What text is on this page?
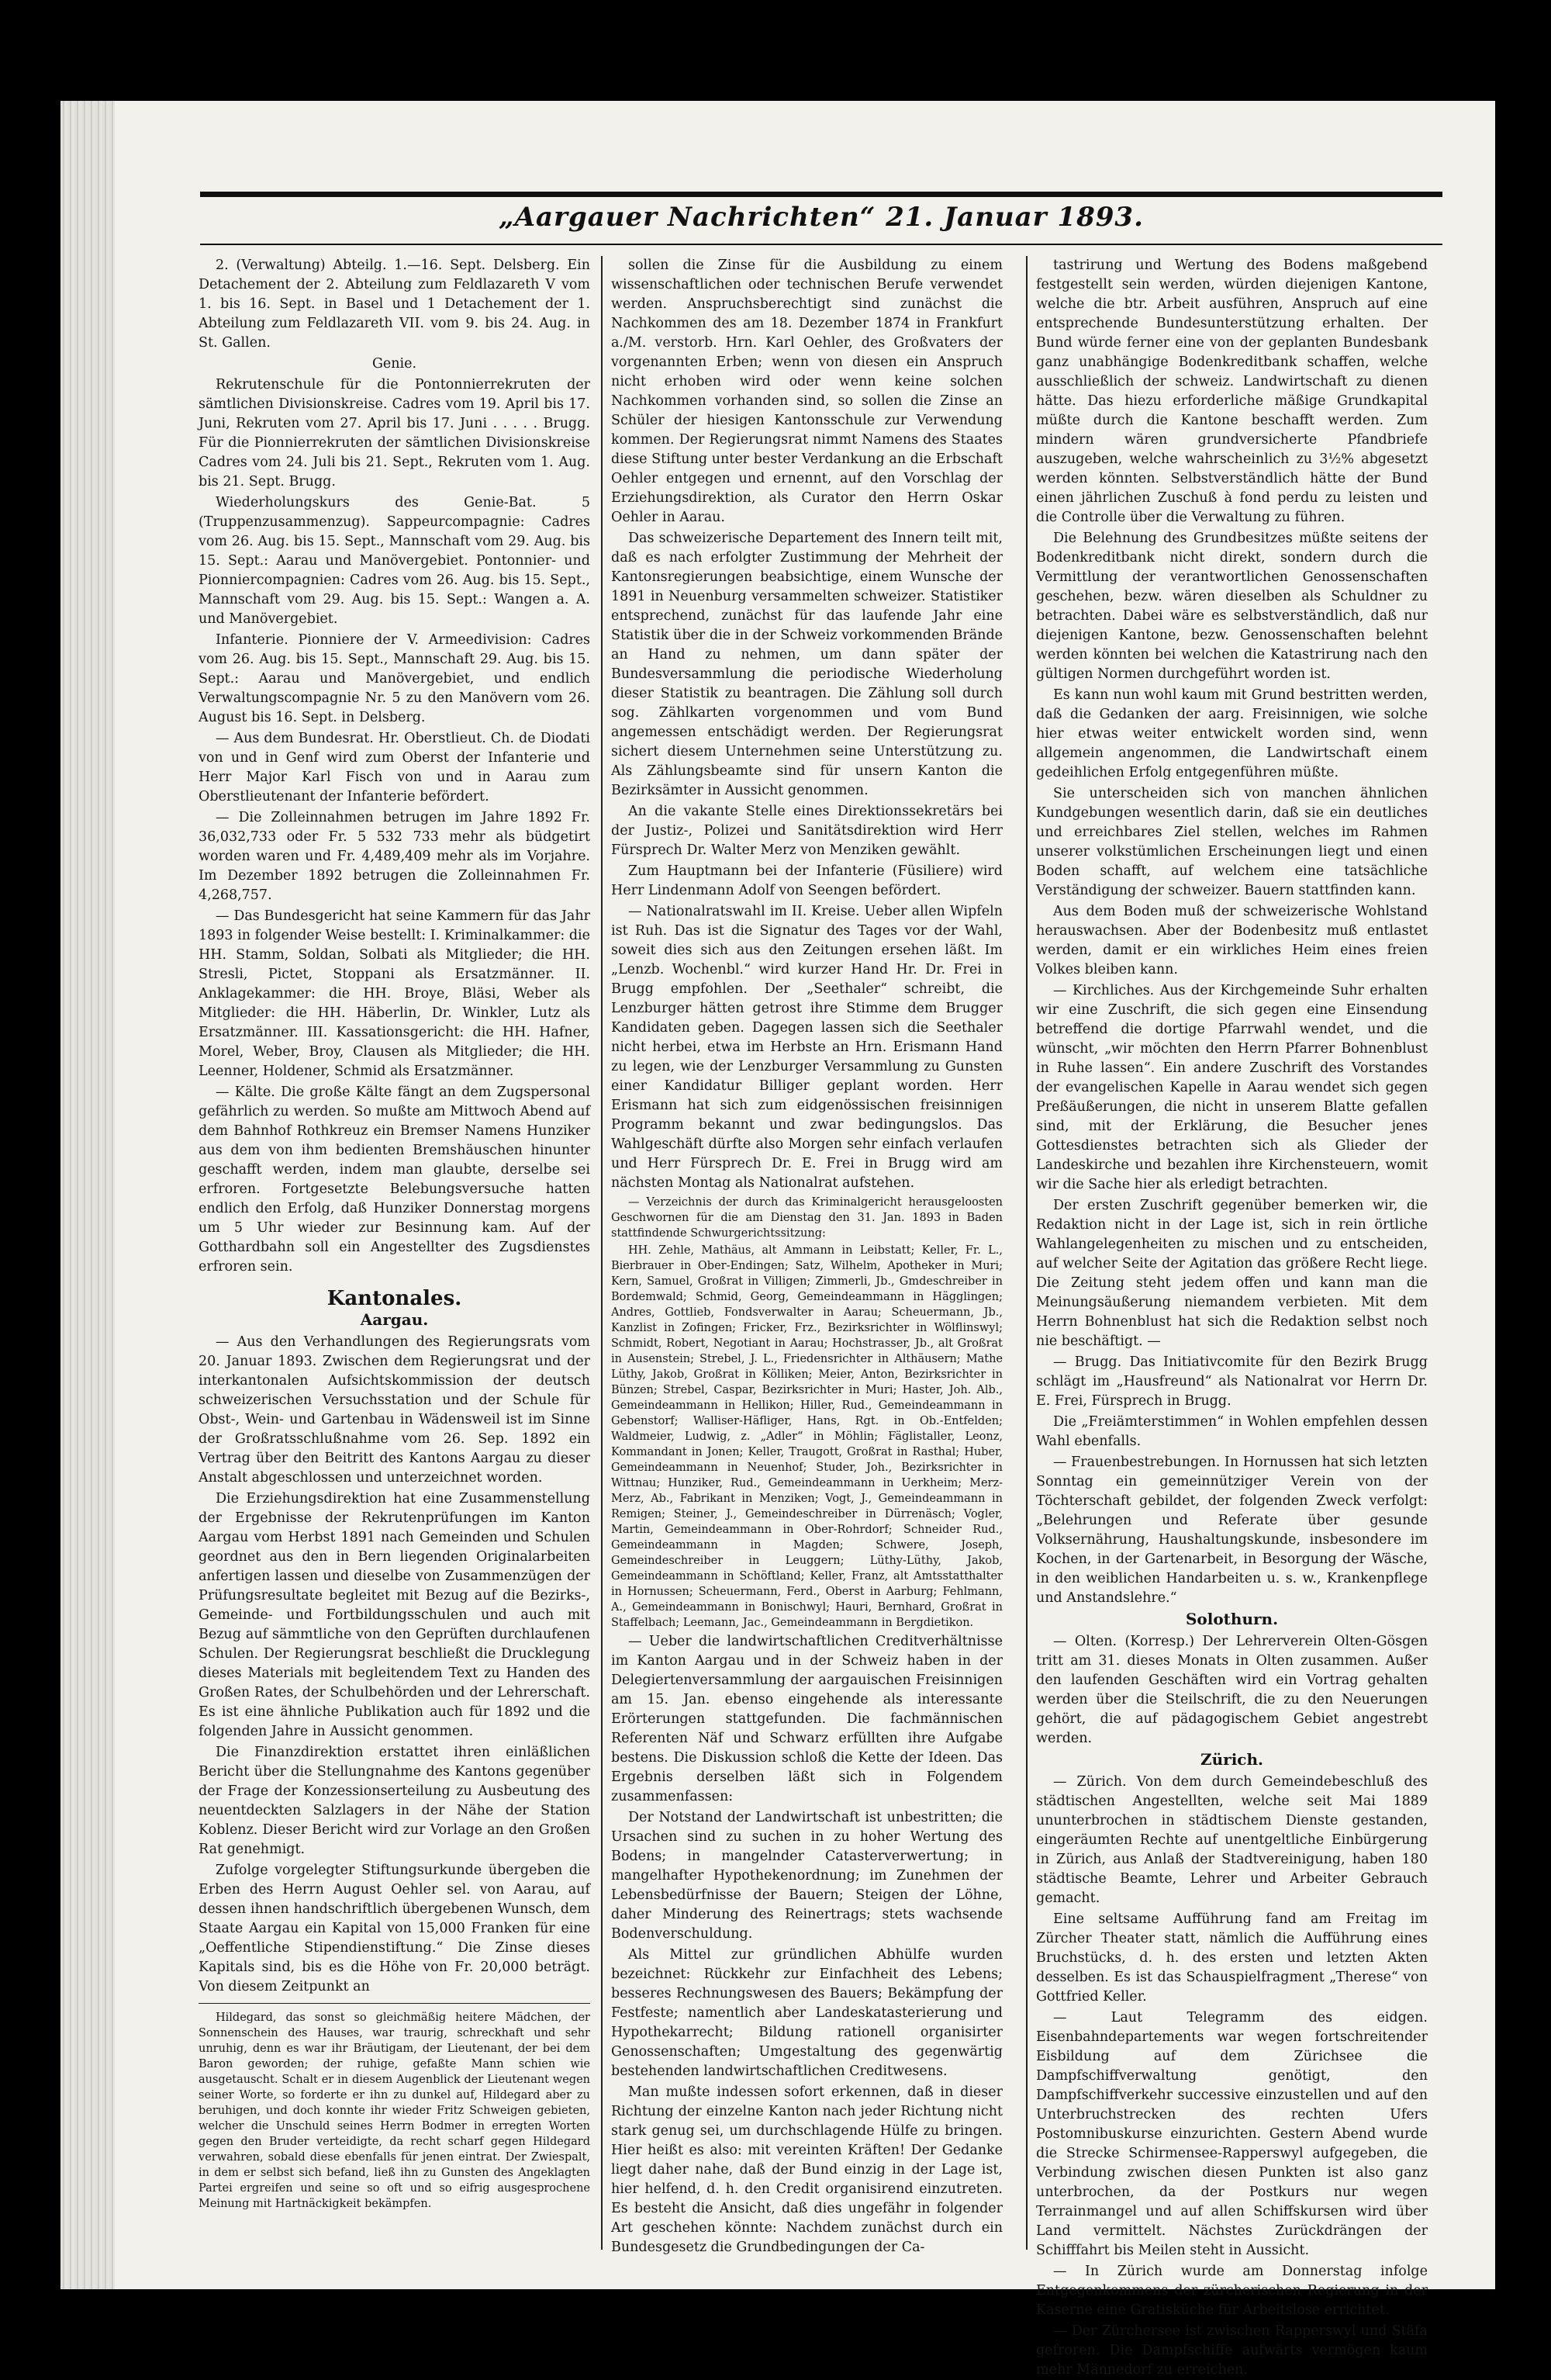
„Aargauer Nachrichten“ 21. Januar 1893.

2. (Verwaltung) Abteilg. 1.—16. Sept. Delsberg. Ein Detachement der 2. Abteilung zum Feldlazareth V vom 1. bis 16. Sept. in Basel und 1 Detachement der 1. Abteilung zum Feldlazareth VII. vom 9. bis 24. Aug. in St. Gallen.

Genie.

Rekrutenschule für die Pontonnierrekruten der sämtlichen Divisionskreise. Cadres vom 19. April bis 17. Juni, Rekruten vom 27. April bis 17. Juni . . . . . Brugg. Für die Pionnierrekruten der sämtlichen Divisionskreise Cadres vom 24. Juli bis 21. Sept., Rekruten vom 1. Aug. bis 21. Sept. Brugg.

Wiederholungskurs des Genie-Bat. 5 (Truppenzusammenzug). Sappeurcompagnie: Cadres vom 26. Aug. bis 15. Sept., Mannschaft vom 29. Aug. bis 15. Sept.: Aarau und Manövergebiet. Pontonnier- und Pionniercompagnien: Cadres vom 26. Aug. bis 15. Sept., Mannschaft vom 29. Aug. bis 15. Sept.: Wangen a. A. und Manövergebiet.

Infanterie. Pionniere der V. Armeedivision: Cadres vom 26. Aug. bis 15. Sept., Mannschaft 29. Aug. bis 15. Sept.: Aarau und Manövergebiet, und endlich Verwaltungscompagnie Nr. 5 zu den Manövern vom 26. August bis 16. Sept. in Delsberg.

— Aus dem Bundesrat. Hr. Oberstlieut. Ch. de Diodati von und in Genf wird zum Oberst der Infanterie und Herr Major Karl Fisch von und in Aarau zum Oberstlieutenant der Infanterie befördert.

— Die Zolleinnahmen betrugen im Jahre 1892 Fr. 36,032,733 oder Fr. 5 532 733 mehr als büdgetirt worden waren und Fr. 4,489,409 mehr als im Vorjahre. Im Dezember 1892 betrugen die Zolleinnahmen Fr. 4,268,757.

— Das Bundesgericht hat seine Kammern für das Jahr 1893 in folgender Weise bestellt: I. Kriminalkammer: die HH. Stamm, Soldan, Solbati als Mitglieder; die HH. Stresli, Pictet, Stoppani als Ersatzmänner. II. Anklagekammer: die HH. Broye, Bläsi, Weber als Mitglieder: die HH. Häberlin, Dr. Winkler, Lutz als Ersatzmänner. III. Kassationsgericht: die HH. Hafner, Morel, Weber, Broy, Clausen als Mitglieder; die HH. Leenner, Holdener, Schmid als Ersatzmänner.

— Kälte. Die große Kälte fängt an dem Zugspersonal gefährlich zu werden. So mußte am Mittwoch Abend auf dem Bahnhof Rothkreuz ein Bremser Namens Hunziker aus dem von ihm bedienten Bremshäuschen hinunter geschafft werden, indem man glaubte, derselbe sei erfroren. Fortgesetzte Belebungsversuche hatten endlich den Erfolg, daß Hunziker Donnerstag morgens um 5 Uhr wieder zur Besinnung kam. Auf der Gotthardbahn soll ein Angestellter des Zugsdienstes erfroren sein.

Kantonales.

Aargau.

— Aus den Verhandlungen des Regierungsrats vom 20. Januar 1893. Zwischen dem Regierungsrat und der interkantonalen Aufsichtskommission der deutsch schweizerischen Versuchsstation und der Schule für Obst-, Wein- und Gartenbau in Wädensweil ist im Sinne der Großratsschlußnahme vom 26. Sep. 1892 ein Vertrag über den Beitritt des Kantons Aargau zu dieser Anstalt abgeschlossen und unterzeichnet worden.

Die Erziehungsdirektion hat eine Zusammenstellung der Ergebnisse der Rekrutenprüfungen im Kanton Aargau vom Herbst 1891 nach Gemeinden und Schulen geordnet aus den in Bern liegenden Originalarbeiten anfertigen lassen und dieselbe von Zusammenzügen der Prüfungsresultate begleitet mit Bezug auf die Bezirks-, Gemeinde- und Fortbildungsschulen und auch mit Bezug auf sämmtliche von den Geprüften durchlaufenen Schulen. Der Regierungsrat beschließt die Drucklegung dieses Materials mit begleitendem Text zu Handen des Großen Rates, der Schulbehörden und der Lehrerschaft. Es ist eine ähnliche Publikation auch für 1892 und die folgenden Jahre in Aussicht genommen.

Die Finanzdirektion erstattet ihren einläßlichen Bericht über die Stellungnahme des Kantons gegenüber der Frage der Konzessionserteilung zu Ausbeutung des neuentdeckten Salzlagers in der Nähe der Station Koblenz. Dieser Bericht wird zur Vorlage an den Großen Rat genehmigt.

Zufolge vorgelegter Stiftungsurkunde übergeben die Erben des Herrn August Oehler sel. von Aarau, auf dessen ihnen handschriftlich übergebenen Wunsch, dem Staate Aargau ein Kapital von 15,000 Franken für eine „Oeffentliche Stipendienstiftung.“ Die Zinse dieses Kapitals sind, bis es die Höhe von Fr. 20,000 beträgt. Von diesem Zeitpunkt an

Hildegard, das sonst so gleichmäßig heitere Mädchen, der Sonnenschein des Hauses, war traurig, schreckhaft und sehr unruhig, denn es war ihr Bräutigam, der Lieutenant, der bei dem Baron geworden; der ruhige, gefaßte Mann schien wie ausgetauscht. Schalt er in diesem Augenblick der Lieutenant wegen seiner Worte, so forderte er ihn zu dunkel auf, Hildegard aber zu beruhigen, und doch konnte ihr wieder Fritz Schweigen gebieten, welcher die Unschuld seines Herrn Bodmer in erregten Worten gegen den Bruder verteidigte, da recht scharf gegen Hildegard verwahren, sobald diese ebenfalls für jenen eintrat. Der Zwiespalt, in dem er selbst sich befand, ließ ihn zu Gunsten des Angeklagten Partei ergreifen und seine so oft und so eifrig ausgesprochene Meinung mit Hartnäckigkeit bekämpfen.

sollen die Zinse für die Ausbildung zu einem wissenschaftlichen oder technischen Berufe verwendet werden. Anspruchsberechtigt sind zunächst die Nachkommen des am 18. Dezember 1874 in Frankfurt a./M. verstorb. Hrn. Karl Oehler, des Großvaters der vorgenannten Erben; wenn von diesen ein Anspruch nicht erhoben wird oder wenn keine solchen Nachkommen vorhanden sind, so sollen die Zinse an Schüler der hiesigen Kantonsschule zur Verwendung kommen. Der Regierungsrat nimmt Namens des Staates diese Stiftung unter bester Verdankung an die Erbschaft Oehler entgegen und ernennt, auf den Vorschlag der Erziehungsdirektion, als Curator den Herrn Oskar Oehler in Aarau.

Das schweizerische Departement des Innern teilt mit, daß es nach erfolgter Zustimmung der Mehrheit der Kantonsregierungen beabsichtige, einem Wunsche der 1891 in Neuenburg versammelten schweizer. Statistiker entsprechend, zunächst für das laufende Jahr eine Statistik über die in der Schweiz vorkommenden Brände an Hand zu nehmen, um dann später der Bundesversammlung die periodische Wiederholung dieser Statistik zu beantragen. Die Zählung soll durch sog. Zählkarten vorgenommen und vom Bund angemessen entschädigt werden. Der Regierungsrat sichert diesem Unternehmen seine Unterstützung zu. Als Zählungsbeamte sind für unsern Kanton die Bezirksämter in Aussicht genommen.

An die vakante Stelle eines Direktionssekretärs bei der Justiz-, Polizei und Sanitätsdirektion wird Herr Fürsprech Dr. Walter Merz von Menziken gewählt.

Zum Hauptmann bei der Infanterie (Füsiliere) wird Herr Lindenmann Adolf von Seengen befördert.

— Nationalratswahl im II. Kreise. Ueber allen Wipfeln ist Ruh. Das ist die Signatur des Tages vor der Wahl, soweit dies sich aus den Zeitungen ersehen läßt. Im „Lenzb. Wochenbl.“ wird kurzer Hand Hr. Dr. Frei in Brugg empfohlen. Der „Seethaler“ schreibt, die Lenzburger hätten getrost ihre Stimme dem Brugger Kandidaten geben. Dagegen lassen sich die Seethaler nicht herbei, etwa im Herbste an Hrn. Erismann Hand zu legen, wie der Lenzburger Versammlung zu Gunsten einer Kandidatur Billiger geplant worden. Herr Erismann hat sich zum eidgenössischen freisinnigen Programm bekannt und zwar bedingungslos. Das Wahlgeschäft dürfte also Morgen sehr einfach verlaufen und Herr Fürsprech Dr. E. Frei in Brugg wird am nächsten Montag als Nationalrat aufstehen.

— Verzeichnis der durch das Kriminalgericht herausgeloosten Geschwornen für die am Dienstag den 31. Jan. 1893 in Baden stattfindende Schwurgerichtssitzung:

HH. Zehle, Mathäus, alt Ammann in Leibstatt; Keller, Fr. L., Bierbrauer in Ober-Endingen; Satz, Wilhelm, Apotheker in Muri; Kern, Samuel, Großrat in Villigen; Zimmerli, Jb., Gmdeschreiber in Bordemwald; Schmid, Georg, Gemeindeammann in Hägglingen; Andres, Gottlieb, Fondsverwalter in Aarau; Scheuermann, Jb., Kanzlist in Zofingen; Fricker, Frz., Bezirksrichter in Wölflinswyl; Schmidt, Robert, Negotiant in Aarau; Hochstrasser, Jb., alt Großrat in Ausenstein; Strebel, J. L., Friedensrichter in Althäusern; Mathe Lüthy, Jakob, Großrat in Kölliken; Meier, Anton, Bezirksrichter in Bünzen; Strebel, Caspar, Bezirksrichter in Muri; Haster, Joh. Alb., Gemeindeammann in Hellikon; Hiller, Rud., Gemeindeammann in Gebenstorf; Walliser-Häfliger, Hans, Rgt. in Ob.-Entfelden; Waldmeier, Ludwig, z. „Adler“ in Möhlin; Fäglistaller, Leonz, Kommandant in Jonen; Keller, Traugott, Großrat in Rasthal; Huber, Gemeindeammann in Neuenhof; Studer, Joh., Bezirksrichter in Wittnau; Hunziker, Rud., Gemeindeammann in Uerkheim; Merz-Merz, Ab., Fabrikant in Menziken; Vogt, J., Gemeindeammann in Remigen; Steiner, J., Gemeindeschreiber in Dürrenäsch; Vogler, Martin, Gemeindeammann in Ober-Rohrdorf; Schneider Rud., Gemeindeammann in Magden; Schwere, Joseph, Gemeindeschreiber in Leuggern; Lüthy-Lüthy, Jakob, Gemeindeammann in Schöftland; Keller, Franz, alt Amtsstatthalter in Hornussen; Scheuermann, Ferd., Oberst in Aarburg; Fehlmann, A., Gemeindeammann in Bonischwyl; Hauri, Bernhard, Großrat in Staffelbach; Leemann, Jac., Gemeindeammann in Bergdietikon.

— Ueber die landwirtschaftlichen Creditverhältnisse im Kanton Aargau und in der Schweiz haben in der Delegiertenversammlung der aargauischen Freisinnigen am 15. Jan. ebenso eingehende als interessante Erörterungen stattgefunden. Die fachmännischen Referenten Näf und Schwarz erfüllten ihre Aufgabe bestens. Die Diskussion schloß die Kette der Ideen. Das Ergebnis derselben läßt sich in Folgendem zusammenfassen:

Der Notstand der Landwirtschaft ist unbestritten; die Ursachen sind zu suchen in zu hoher Wertung des Bodens; in mangelnder Catasterverwertung; in mangelhafter Hypothekenordnung; im Zunehmen der Lebensbedürfnisse der Bauern; Steigen der Löhne, daher Minderung des Reinertrags; stets wachsende Bodenverschuldung.

Als Mittel zur gründlichen Abhülfe wurden bezeichnet: Rückkehr zur Einfachheit des Lebens; besseres Rechnungswesen des Bauers; Bekämpfung der Festfeste; namentlich aber Landeskatasterierung und Hypothekarrecht; Bildung rationell organisirter Genossenschaften; Umgestaltung des gegenwärtig bestehenden landwirtschaftlichen Creditwesens.

Man mußte indessen sofort erkennen, daß in dieser Richtung der einzelne Kanton nach jeder Richtung nicht stark genug sei, um durchschlagende Hülfe zu bringen. Hier heißt es also: mit vereinten Kräften! Der Gedanke liegt daher nahe, daß der Bund einzig in der Lage ist, hier helfend, d. h. den Credit organisirend einzutreten. Es besteht die Ansicht, daß dies ungefähr in folgender Art geschehen könnte: Nachdem zunächst durch ein Bundesgesetz die Grundbedingungen der Ca-

tastrirung und Wertung des Bodens maßgebend festgestellt sein werden, würden diejenigen Kantone, welche die btr. Arbeit ausführen, Anspruch auf eine entsprechende Bundesunterstützung erhalten. Der Bund würde ferner eine von der geplanten Bundesbank ganz unabhängige Bodenkreditbank schaffen, welche ausschließlich der schweiz. Landwirtschaft zu dienen hätte. Das hiezu erforderliche mäßige Grundkapital müßte durch die Kantone beschafft werden. Zum mindern wären grundversicherte Pfandbriefe auszugeben, welche wahrscheinlich zu 3½% abgesetzt werden könnten. Selbstverständlich hätte der Bund einen jährlichen Zuschuß à fond perdu zu leisten und die Controlle über die Verwaltung zu führen.

Die Belehnung des Grundbesitzes müßte seitens der Bodenkreditbank nicht direkt, sondern durch die Vermittlung der verantwortlichen Genossenschaften geschehen, bezw. wären dieselben als Schuldner zu betrachten. Dabei wäre es selbstverständlich, daß nur diejenigen Kantone, bezw. Genossenschaften belehnt werden könnten bei welchen die Katastrirung nach den gültigen Normen durchgeführt worden ist.

Es kann nun wohl kaum mit Grund bestritten werden, daß die Gedanken der aarg. Freisinnigen, wie solche hier etwas weiter entwickelt worden sind, wenn allgemein angenommen, die Landwirtschaft einem gedeihlichen Erfolg entgegenführen müßte.

Sie unterscheiden sich von manchen ähnlichen Kundgebungen wesentlich darin, daß sie ein deutliches und erreichbares Ziel stellen, welches im Rahmen unserer volkstümlichen Erscheinungen liegt und einen Boden schafft, auf welchem eine tatsächliche Verständigung der schweizer. Bauern stattfinden kann.

Aus dem Boden muß der schweizerische Wohlstand herauswachsen. Aber der Bodenbesitz muß entlastet werden, damit er ein wirkliches Heim eines freien Volkes bleiben kann.

— Kirchliches. Aus der Kirchgemeinde Suhr erhalten wir eine Zuschrift, die sich gegen eine Einsendung betreffend die dortige Pfarrwahl wendet, und die wünscht, „wir möchten den Herrn Pfarrer Bohnenblust in Ruhe lassen“. Ein andere Zuschrift des Vorstandes der evangelischen Kapelle in Aarau wendet sich gegen Preßäußerungen, die nicht in unserem Blatte gefallen sind, mit der Erklärung, die Besucher jenes Gottesdienstes betrachten sich als Glieder der Landeskirche und bezahlen ihre Kirchensteuern, womit wir die Sache hier als erledigt betrachten.

Der ersten Zuschrift gegenüber bemerken wir, die Redaktion nicht in der Lage ist, sich in rein örtliche Wahlangelegenheiten zu mischen und zu entscheiden, auf welcher Seite der Agitation das größere Recht liege. Die Zeitung steht jedem offen und kann man die Meinungsäußerung niemandem verbieten. Mit dem Herrn Bohnenblust hat sich die Redaktion selbst noch nie beschäftigt. —

— Brugg. Das Initiativcomite für den Bezirk Brugg schlägt im „Hausfreund“ als Nationalrat vor Herrn Dr. E. Frei, Fürsprech in Brugg.

Die „Freiämterstimmen“ in Wohlen empfehlen dessen Wahl ebenfalls.

— Frauenbestrebungen. In Hornussen hat sich letzten Sonntag ein gemeinnütziger Verein von der Töchterschaft gebildet, der folgenden Zweck verfolgt: „Belehrungen und Referate über gesunde Volksernährung, Haushaltungskunde, insbesondere im Kochen, in der Gartenarbeit, in Besorgung der Wäsche, in den weiblichen Handarbeiten u. s. w., Krankenpflege und Anstandslehre.“

Solothurn.

— Olten. (Korresp.) Der Lehrerverein Olten-Gösgen tritt am 31. dieses Monats in Olten zusammen. Außer den laufenden Geschäften wird ein Vortrag gehalten werden über die Steilschrift, die zu den Neuerungen gehört, die auf pädagogischem Gebiet angestrebt werden.

Zürich.

— Zürich. Von dem durch Gemeindebeschluß des städtischen Angestellten, welche seit Mai 1889 ununterbrochen in städtischem Dienste gestanden, eingeräumten Rechte auf unentgeltliche Einbürgerung in Zürich, aus Anlaß der Stadtvereinigung, haben 180 städtische Beamte, Lehrer und Arbeiter Gebrauch gemacht.

Eine seltsame Aufführung fand am Freitag im Zürcher Theater statt, nämlich die Aufführung eines Bruchstücks, d. h. des ersten und letzten Akten desselben. Es ist das Schauspielfragment „Therese“ von Gottfried Keller.

— Laut Telegramm des eidgen. Eisenbahndepartements war wegen fortschreitender Eisbildung auf dem Zürichsee die Dampfschiffverwaltung genötigt, den Dampfschiffverkehr successive einzustellen und auf den Unterbruchstrecken des rechten Ufers Postomnibuskurse einzurichten. Gestern Abend wurde die Strecke Schirmensee-Rapperswyl aufgegeben, die Verbindung zwischen diesen Punkten ist also ganz unterbrochen, da der Postkurs nur wegen Terrainmangel und auf allen Schiffskursen wird über Land vermittelt. Nächstes Zurückdrängen der Schifffahrt bis Meilen steht in Aussicht.

— In Zürich wurde am Donnerstag infolge Entgegenkommens der zürcherischen Regierung in der Kaserne eine Gratisküche für Arbeitslose errichtet.

— Der Zürchersee ist zwischen Rapperswyl und Stäfa gefroren. Die Dampfschiffe aufwärts vermögen kaum mehr Männedorf zu erreichen.
